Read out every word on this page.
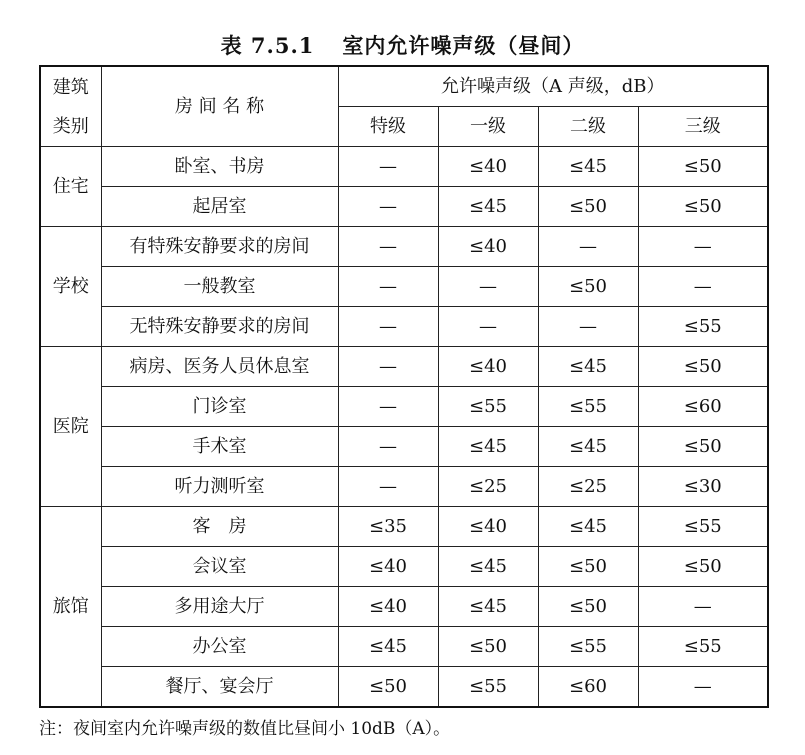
表 7.5.1 室内允许噪声级（昼间）
建筑
类别	房 间 名 称	允许噪声级（A 声级，dB）			
		特级	一级	二级	三级
住宅	卧室、书房	—	≤40	≤45	≤50
	起居室	—	≤45	≤50	≤50
学校	有特殊安静要求的房间	—	≤40	—	—
	一般教室	—	—	≤50	—
	无特殊安静要求的房间	—	—	—	≤55
医院	病房、医务人员休息室	—	≤40	≤45	≤50
	门诊室	—	≤55	≤55	≤60
	手术室	—	≤45	≤45	≤50
	听力测听室	—	≤25	≤25	≤30
旅馆	客　房	≤35	≤40	≤45	≤55
	会议室	≤40	≤45	≤50	≤50
	多用途大厅	≤40	≤45	≤50	—
	办公室	≤45	≤50	≤55	≤55
	餐厅、宴会厅	≤50	≤55	≤60	—
注：夜间室内允许噪声级的数值比昼间小 10dB（A）。
